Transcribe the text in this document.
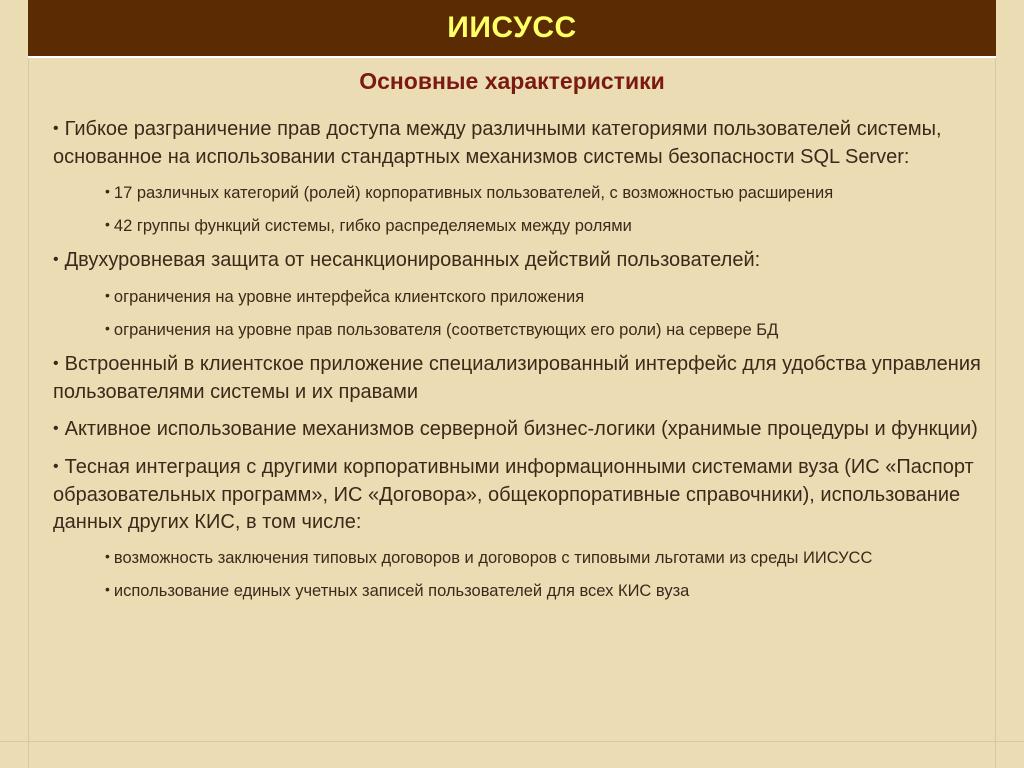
ИИСУСС
Основные характеристики
• Гибкое разграничение прав доступа между различными категориями пользователей системы, основанное на использовании стандартных механизмов системы безопасности SQL Server:
• 17 различных категорий (ролей) корпоративных пользователей, с возможностью расширения
• 42 группы функций системы, гибко распределяемых между ролями
• Двухуровневая защита от несанкционированных действий пользователей:
• ограничения на уровне интерфейса клиентского приложения
• ограничения на уровне прав пользователя (соответствующих его роли) на сервере БД
• Встроенный в клиентское приложение специализированный интерфейс для удобства управления пользователями системы и их правами
• Активное использование механизмов серверной бизнес-логики (хранимые процедуры и функции)
• Тесная интеграция с другими корпоративными информационными системами вуза (ИС «Паспорт образовательных программ», ИС «Договора», общекорпоративные справочники), использование данных других КИС, в том числе:
• возможность заключения типовых договоров и договоров с типовыми льготами из среды ИИСУСС
• использование единых учетных записей пользователей для всех КИС вуза
